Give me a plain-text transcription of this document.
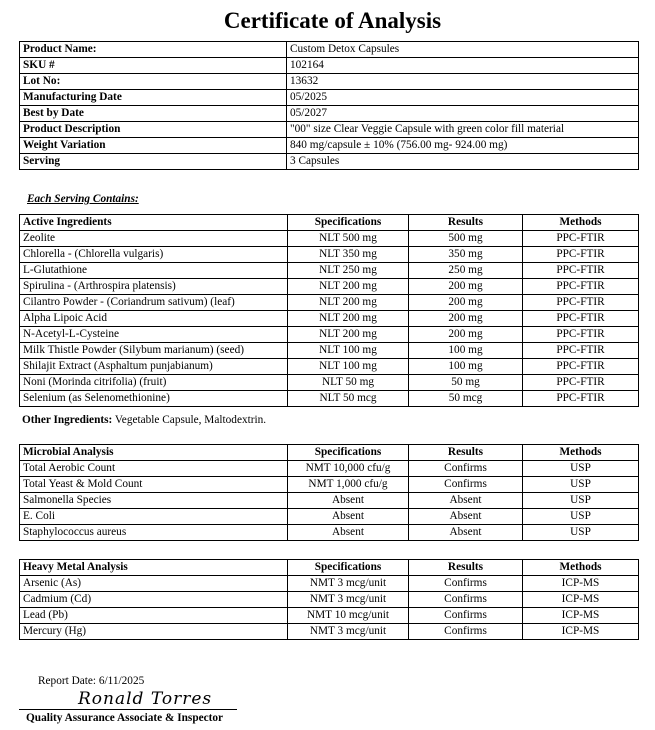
Certificate of Analysis
Product Name:	Custom Detox Capsules
SKU #	102164
Lot No:	13632
Manufacturing Date	05/2025
Best by Date	05/2027
Product Description	"00" size Clear Veggie Capsule with green color fill material
Weight Variation	840 mg/capsule ± 10% (756.00 mg- 924.00 mg)
Serving	3 Capsules
Each Serving Contains:
Active Ingredients	Specifications	Results	Methods
Zeolite	NLT 500 mg	500 mg	PPC-FTIR
Chlorella - (Chlorella vulgaris)	NLT 350 mg	350 mg	PPC-FTIR
L-Glutathione	NLT 250 mg	250 mg	PPC-FTIR
Spirulina - (Arthrospira platensis)	NLT 200 mg	200 mg	PPC-FTIR
Cilantro Powder - (Coriandrum sativum) (leaf)	NLT 200 mg	200 mg	PPC-FTIR
Alpha Lipoic Acid	NLT 200 mg	200 mg	PPC-FTIR
N-Acetyl-L-Cysteine	NLT 200 mg	200 mg	PPC-FTIR
Milk Thistle Powder (Silybum marianum) (seed)	NLT 100 mg	100 mg	PPC-FTIR
Shilajit Extract (Asphaltum punjabianum)	NLT 100 mg	100 mg	PPC-FTIR
Noni (Morinda citrifolia) (fruit)	NLT 50 mg	50 mg	PPC-FTIR
Selenium (as Selenomethionine)	NLT 50 mcg	50 mcg	PPC-FTIR
Other Ingredients: Vegetable Capsule, Maltodextrin.
Microbial Analysis	Specifications	Results	Methods
Total Aerobic Count	NMT 10,000 cfu/g	Confirms	USP
Total Yeast & Mold Count	NMT 1,000 cfu/g	Confirms	USP
Salmonella Species	Absent	Absent	USP
E. Coli	Absent	Absent	USP
Staphylococcus aureus	Absent	Absent	USP
Heavy Metal Analysis	Specifications	Results	Methods
Arsenic (As)	NMT 3 mcg/unit	Confirms	ICP-MS
Cadmium (Cd)	NMT 3 mcg/unit	Confirms	ICP-MS
Lead (Pb)	NMT 10 mcg/unit	Confirms	ICP-MS
Mercury (Hg)	NMT 3 mcg/unit	Confirms	ICP-MS
Report Date: 6/11/2025
Ronald Torres
Quality Assurance Associate & Inspector
